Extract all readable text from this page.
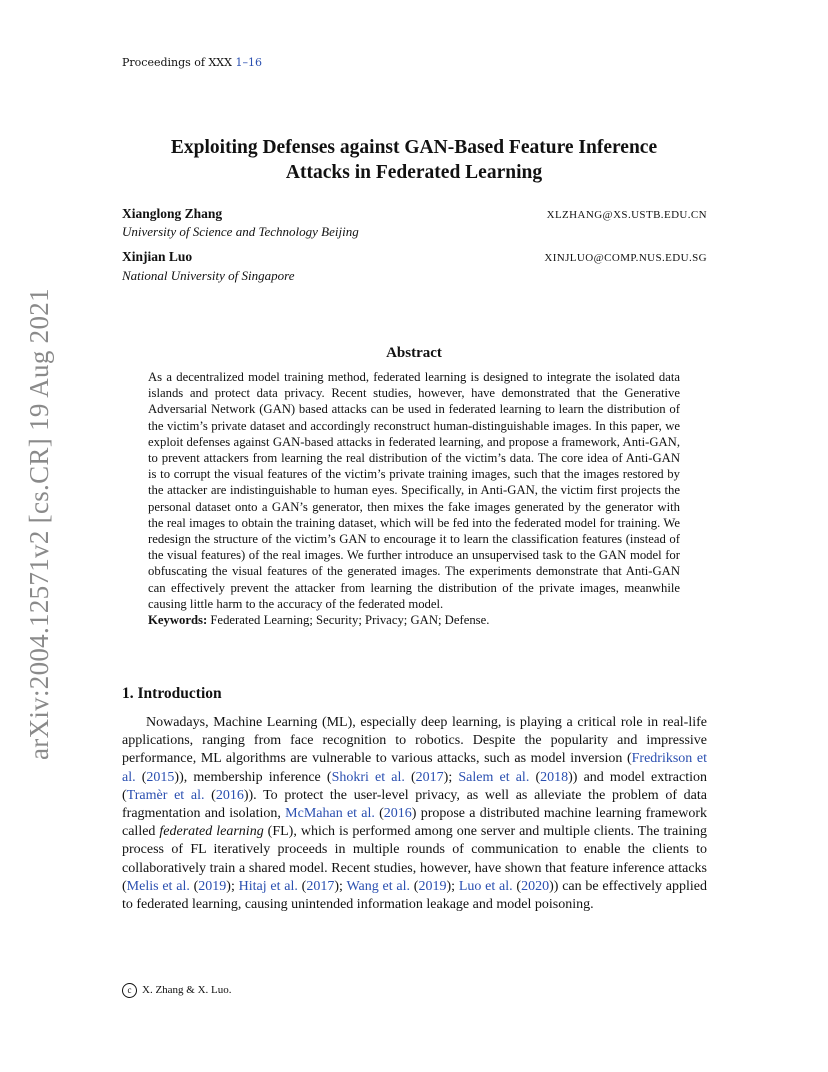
Proceedings of XXX 1–16
arXiv:2004.12571v2 [cs.CR] 19 Aug 2021
Exploiting Defenses against GAN-Based Feature Inference
Attacks in Federated Learning
Xianglong Zhang	XLZHANG@XS.USTB.EDU.CN
University of Science and Technology Beijing
Xinjian Luo	XINJLUO@COMP.NUS.EDU.SG
National University of Singapore
Abstract
As a decentralized model training method, federated learning is designed to integrate the isolated data islands and protect data privacy. Recent studies, however, have demonstrated that the Generative Adversarial Network (GAN) based attacks can be used in federated learning to learn the distribution of the victim’s private dataset and accordingly reconstruct human-distinguishable images. In this paper, we exploit defenses against GAN-based attacks in federated learning, and propose a framework, Anti-GAN, to prevent attackers from learning the real distribution of the victim’s data. The core idea of Anti-GAN is to corrupt the visual features of the victim’s private training images, such that the images restored by the attacker are indistinguishable to human eyes. Specifically, in Anti-GAN, the victim first projects the personal dataset onto a GAN’s generator, then mixes the fake images generated by the generator with the real images to obtain the training dataset, which will be fed into the federated model for training. We redesign the structure of the victim’s GAN to encourage it to learn the classification features (instead of the visual features) of the real images. We further introduce an unsupervised task to the GAN model for obfuscating the visual features of the generated images. The experiments demonstrate that Anti-GAN can effectively prevent the attacker from learning the distribution of the private images, meanwhile causing little harm to the accuracy of the federated model.
Keywords: Federated Learning; Security; Privacy; GAN; Defense.
1. Introduction

Nowadays, Machine Learning (ML), especially deep learning, is playing a critical role in real-life applications, ranging from face recognition to robotics. Despite the popularity and impressive performance, ML algorithms are vulnerable to various attacks, such as model inversion (Fredrikson et al. (2015)), membership inference (Shokri et al. (2017); Salem et al. (2018)) and model extraction (Tramèr et al. (2016)). To protect the user-level privacy, as well as alleviate the problem of data fragmentation and isolation, McMahan et al. (2016) propose a distributed machine learning framework called federated learning (FL), which is performed among one server and multiple clients. The training process of FL iteratively proceeds in multiple rounds of communication to enable the clients to collaboratively train a shared model. Recent studies, however, have shown that feature inference attacks (Melis et al. (2019); Hitaj et al. (2017); Wang et al. (2019); Luo et al. (2020)) can be effectively applied to federated learning, causing unintended information leakage and model poisoning.

c X. Zhang & X. Luo.
